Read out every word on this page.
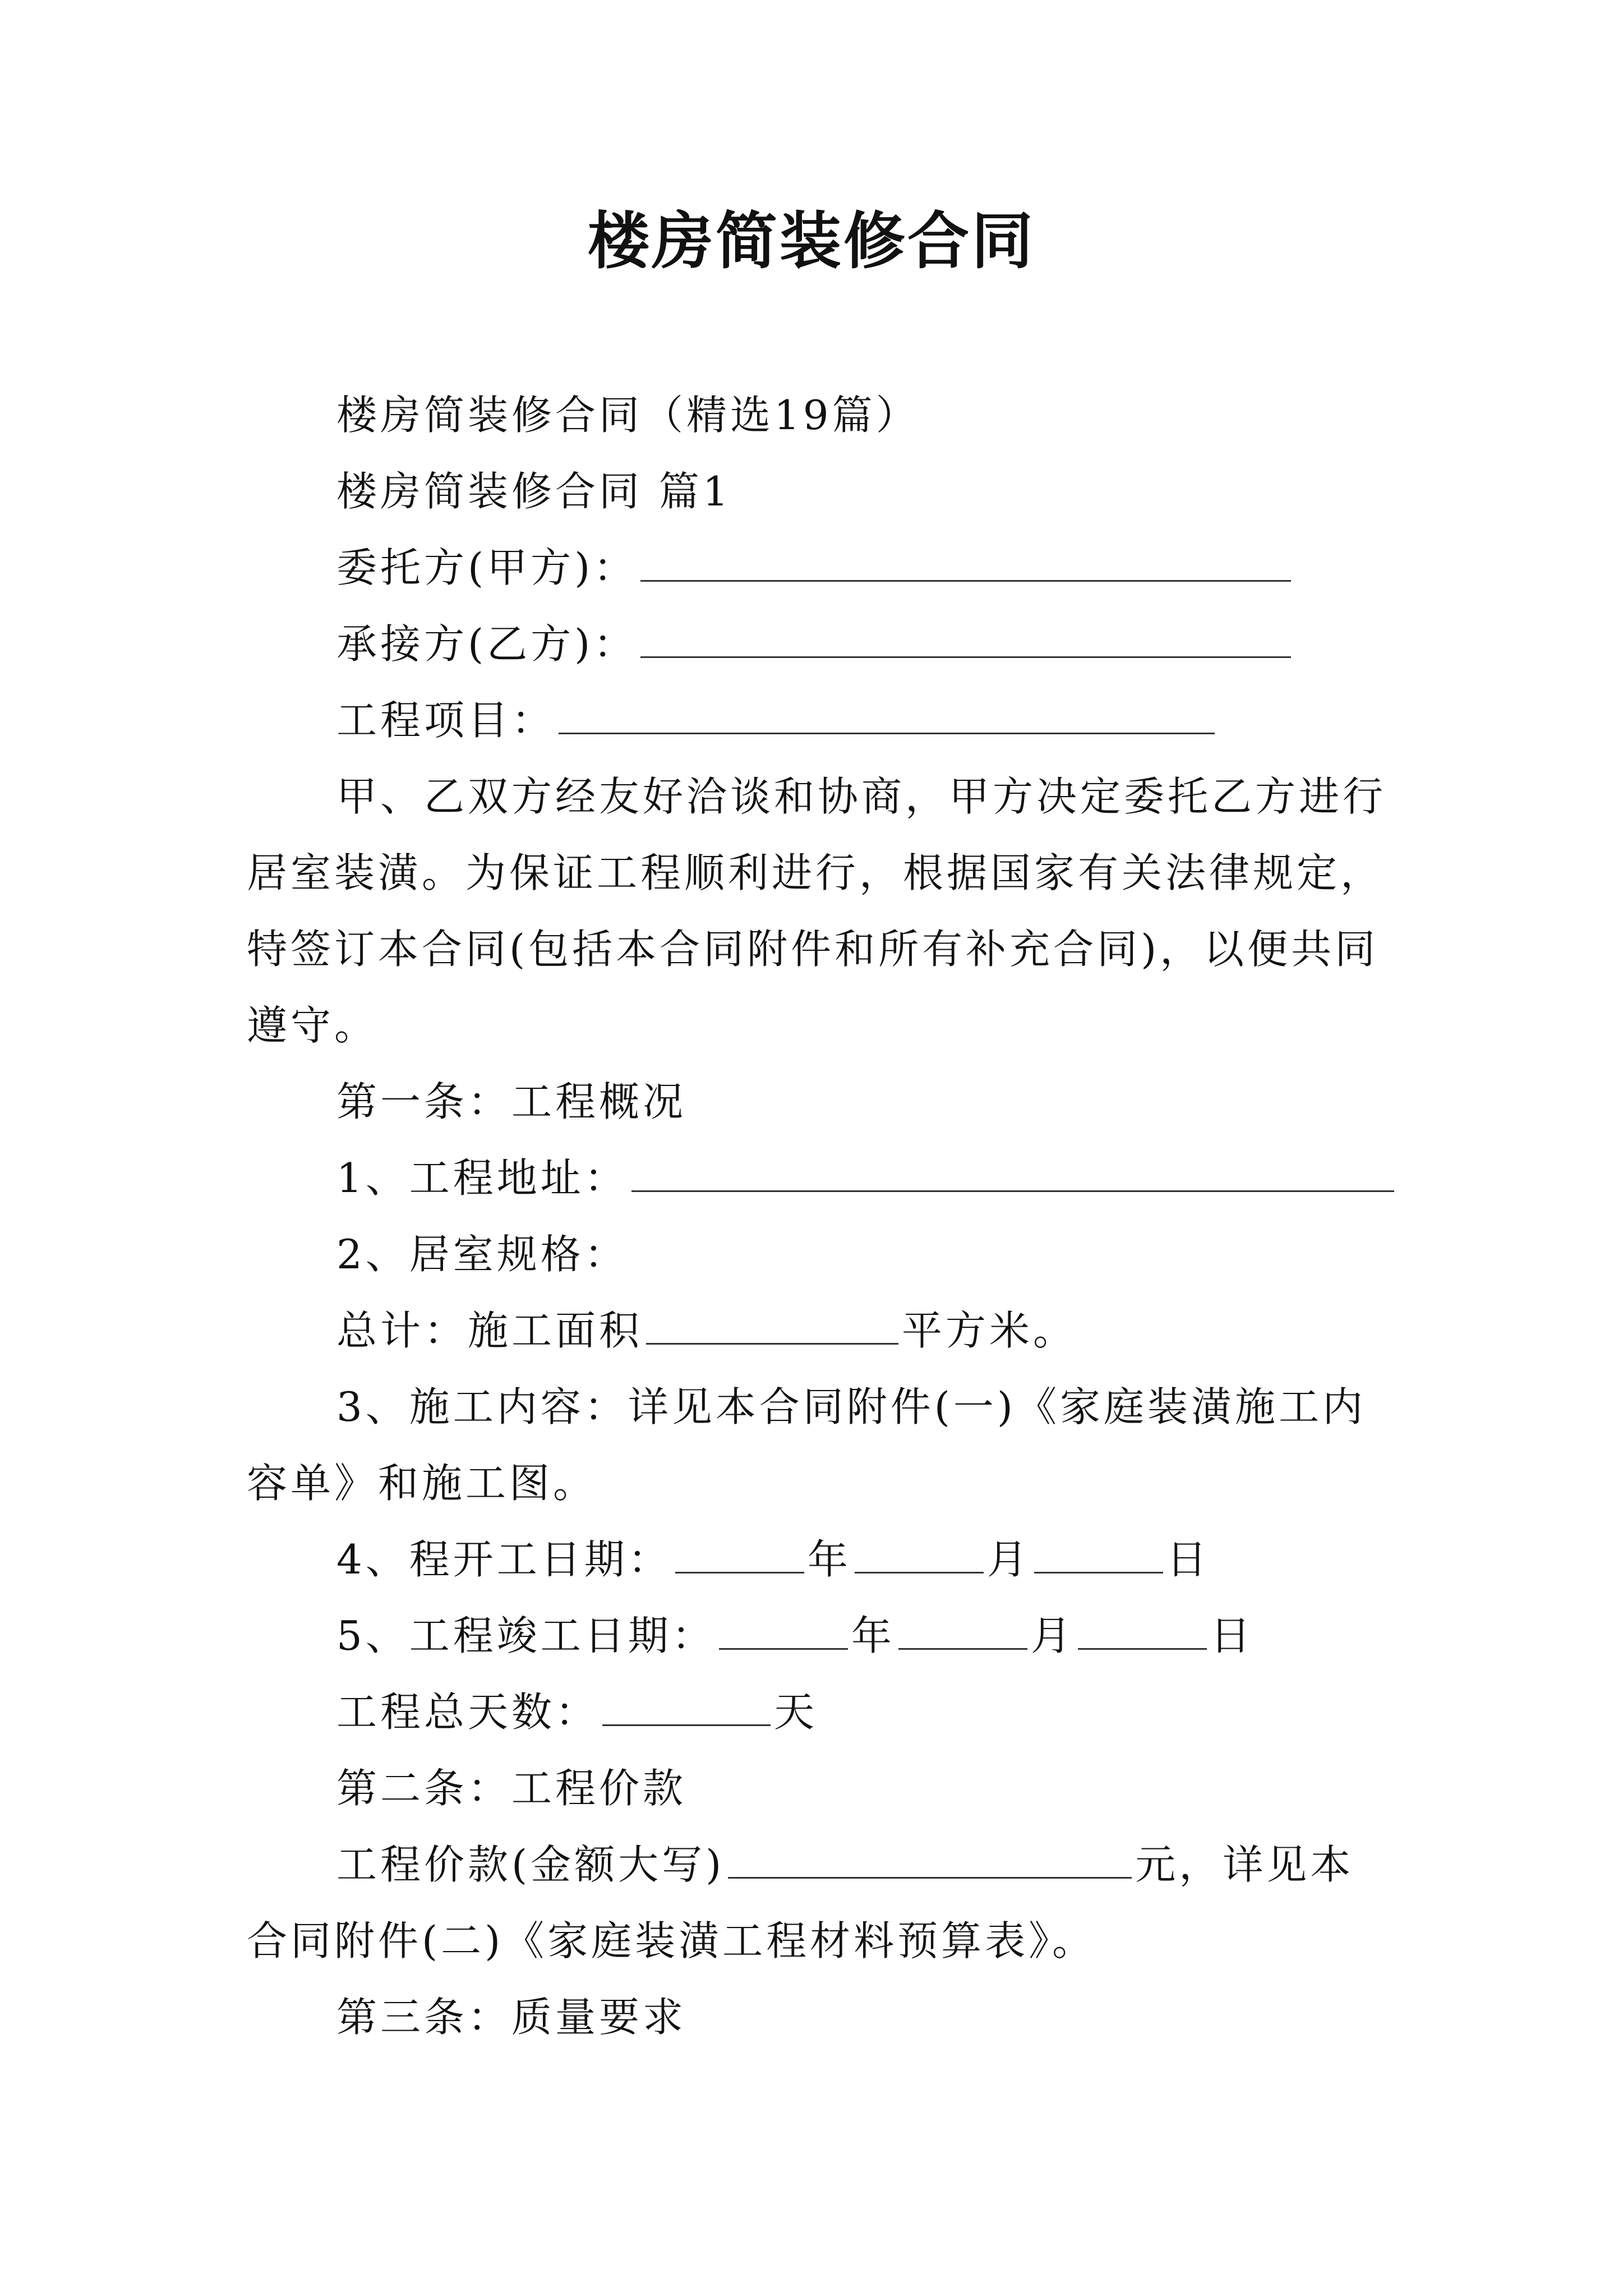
楼房简装修合同
楼房简装修合同（精选19篇）
楼房简装修合同 篇1
委托方(甲方)：
承接方(乙方)：
工程项目：
甲、乙双方经友好洽谈和协商，甲方决定委托乙方进行
居室装潢。为保证工程顺利进行，根据国家有关法律规定，
特签订本合同(包括本合同附件和所有补充合同)，以便共同
遵守。
第一条：工程概况
1、工程地址：
2、居室规格：
总计：施工面积	平方米。
3、施工内容：详见本合同附件(一)《家庭装潢施工内
容单》和施工图。
4、程开工日期：	年	月	日
5、工程竣工日期：	年	月	日
工程总天数：	天
第二条：工程价款
工程价款(金额大写)	元，详见本
合同附件(二)《家庭装潢工程材料预算表》。
第三条：质量要求
